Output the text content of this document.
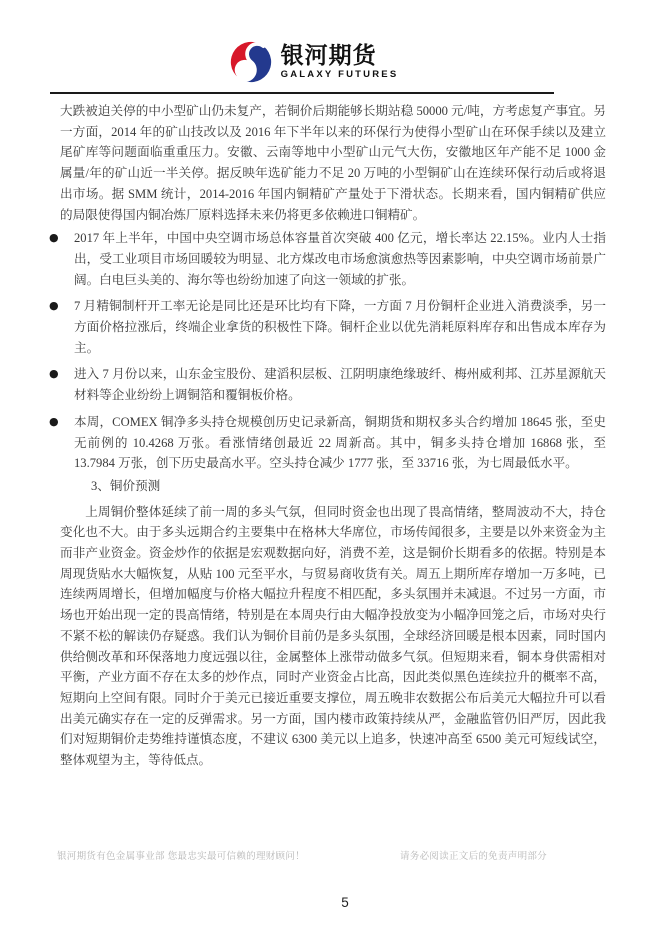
银河期货
GALAXY FUTURES

大跌被迫关停的中小型矿山仍未复产，若铜价后期能够长期站稳 50000 元/吨，方考虑复产事宜。另一方面，2014 年的矿山技改以及 2016 年下半年以来的环保行为使得小型矿山在环保手续以及建立尾矿库等问题面临重重压力。安徽、云南等地中小型矿山元气大伤，安徽地区年产能不足 1000 金属量/年的矿山近一半关停。据反映年选矿能力不足 20 万吨的小型铜矿山在连续环保行动后或将退出市场。据 SMM 统计，2014-2016 年国内铜精矿产量处于下滑状态。长期来看，国内铜精矿供应的局限使得国内铜冶炼厂原料选择未来仍将更多依赖进口铜精矿。

● 2017 年上半年，中国中央空调市场总体容量首次突破 400 亿元，增长率达 22.15%。业内人士指出，受工业项目市场回暖较为明显、北方煤改电市场愈演愈热等因素影响，中央空调市场前景广阔。白电巨头美的、海尔等也纷纷加速了向这一领域的扩张。
● 7 月精铜制杆开工率无论是同比还是环比均有下降，一方面 7 月份铜杆企业进入消费淡季，另一方面价格拉涨后，终端企业拿货的积极性下降。铜杆企业以优先消耗原料库存和出售成本库存为主。
● 进入 7 月份以来，山东金宝股份、建滔积层板、江阴明康绝缘玻纤、梅州威利邦、江苏星源航天材料等企业纷纷上调铜箔和覆铜板价格。
● 本周，COMEX 铜净多头持仓规模创历史记录新高，铜期货和期权多头合约增加 18645 张，至史无前例的 10.4268 万张。看涨情绪创最近 22 周新高。其中，铜多头持仓增加 16868 张，至 13.7984 万张，创下历史最高水平。空头持仓减少 1777 张，至 33716 张，为七周最低水平。
3、铜价预测

上周铜价整体延续了前一周的多头气氛，但同时资金也出现了畏高情绪，整周波动不大，持仓变化也不大。由于多头远期合约主要集中在格林大华席位，市场传闻很多，主要是以外来资金为主而非产业资金。资金炒作的依据是宏观数据向好，消费不差，这是铜价长期看多的依据。特别是本周现货贴水大幅恢复，从贴 100 元至平水，与贸易商收货有关。周五上期所库存增加一万多吨，已连续两周增长，但增加幅度与价格大幅拉升程度不相匹配，多头氛围并未减退。不过另一方面，市场也开始出现一定的畏高情绪，特别是在本周央行由大幅净投放变为小幅净回笼之后，市场对央行不紧不松的解读仍存疑惑。我们认为铜价目前仍是多头氛围，全球经济回暖是根本因素，同时国内供给侧改革和环保落地力度远强以往，金属整体上涨带动做多气氛。但短期来看，铜本身供需相对平衡，产业方面不存在太多的炒作点，同时产业资金占比高，因此类似黑色连续拉升的概率不高，短期向上空间有限。同时介于美元已接近重要支撑位，周五晚非农数据公布后美元大幅拉升可以看出美元确实存在一定的反弹需求。另一方面，国内楼市政策持续从严，金融监管仍旧严厉，因此我们对短期铜价走势维持谨慎态度，不建议 6300 美元以上追多，快速冲高至 6500 美元可短线试空，整体观望为主，等待低点。

银河期货有色金属事业部 您最忠实最可信赖的理财顾问！	请务必阅读正文后的免责声明部分
5
